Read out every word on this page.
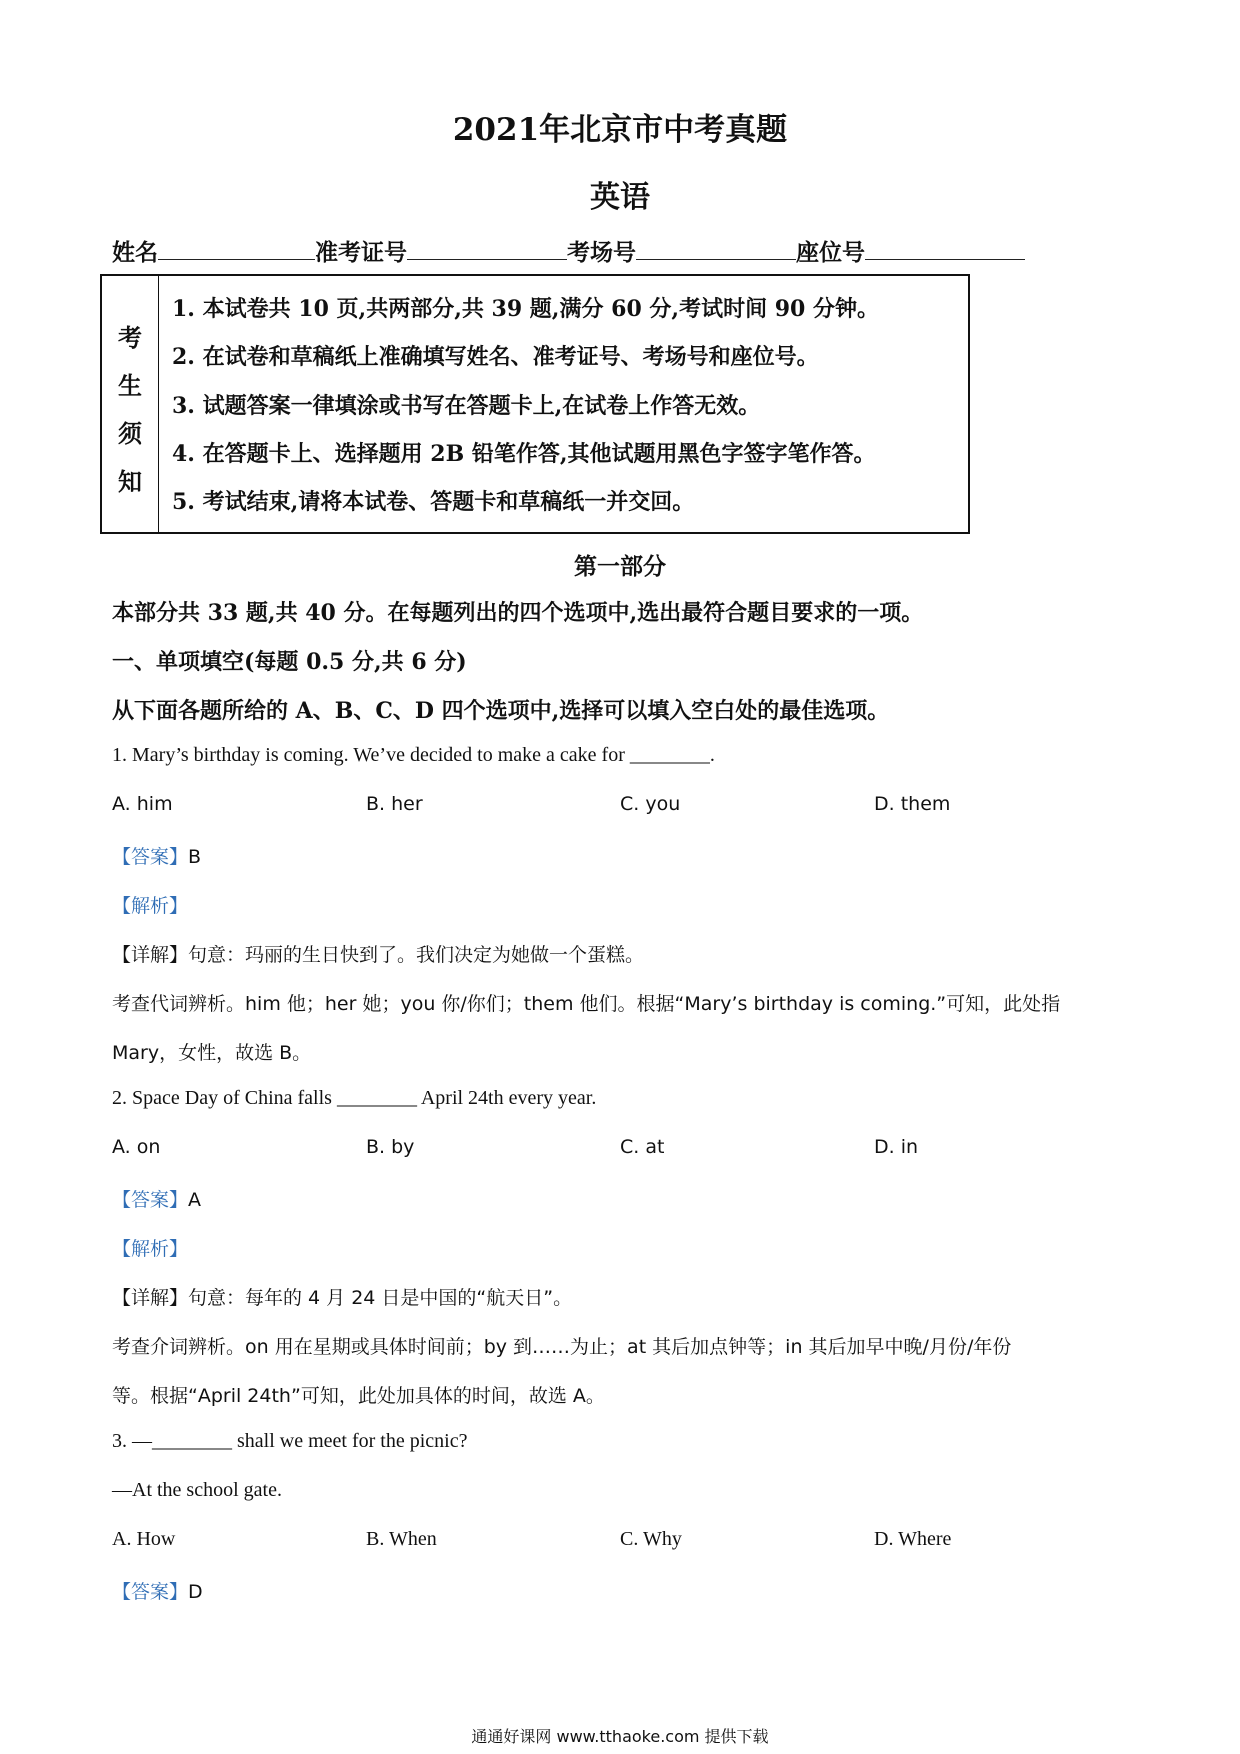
2021年北京市中考真题
英语
姓名	准考证号	考场号	座位号
考
生
须
知
1. 本试卷共 10 页,共两部分,共 39 题,满分 60 分,考试时间 90 分钟。
2. 在试卷和草稿纸上准确填写姓名、准考证号、考场号和座位号。
3. 试题答案一律填涂或书写在答题卡上,在试卷上作答无效。
4. 在答题卡上、选择题用 2B 铅笔作答,其他试题用黑色字签字笔作答。
5. 考试结束,请将本试卷、答题卡和草稿纸一并交回。
第一部分
本部分共 33 题,共 40 分。在每题列出的四个选项中,选出最符合题目要求的一项。
一、单项填空(每题 0.5 分,共 6 分)
从下面各题所给的 A、B、C、D 四个选项中,选择可以填入空白处的最佳选项。
1. Mary’s birthday is coming. We’ve decided to make a cake for ________.
A. him	B. her	C. you	D. them
【答案】B
【解析】
【详解】句意：玛丽的生日快到了。我们决定为她做一个蛋糕。
考查代词辨析。him 他；her 她；you 你/你们；them 他们。根据“Mary’s birthday is coming.”可知，此处指
Mary，女性，故选 B。
2. Space Day of China falls ________ April 24th every year.
A. on	B. by	C. at	D. in
【答案】A
【解析】
【详解】句意：每年的 4 月 24 日是中国的“航天日”。
考查介词辨析。on 用在星期或具体时间前；by 到……为止；at 其后加点钟等；in 其后加早中晚/月份/年份
等。根据“April 24th”可知，此处加具体的时间，故选 A。
3. —________ shall we meet for the picnic?
—At the school gate.
A. How	B. When	C. Why	D. Where
【答案】D
通通好课网 www.tthaoke.com 提供下载
